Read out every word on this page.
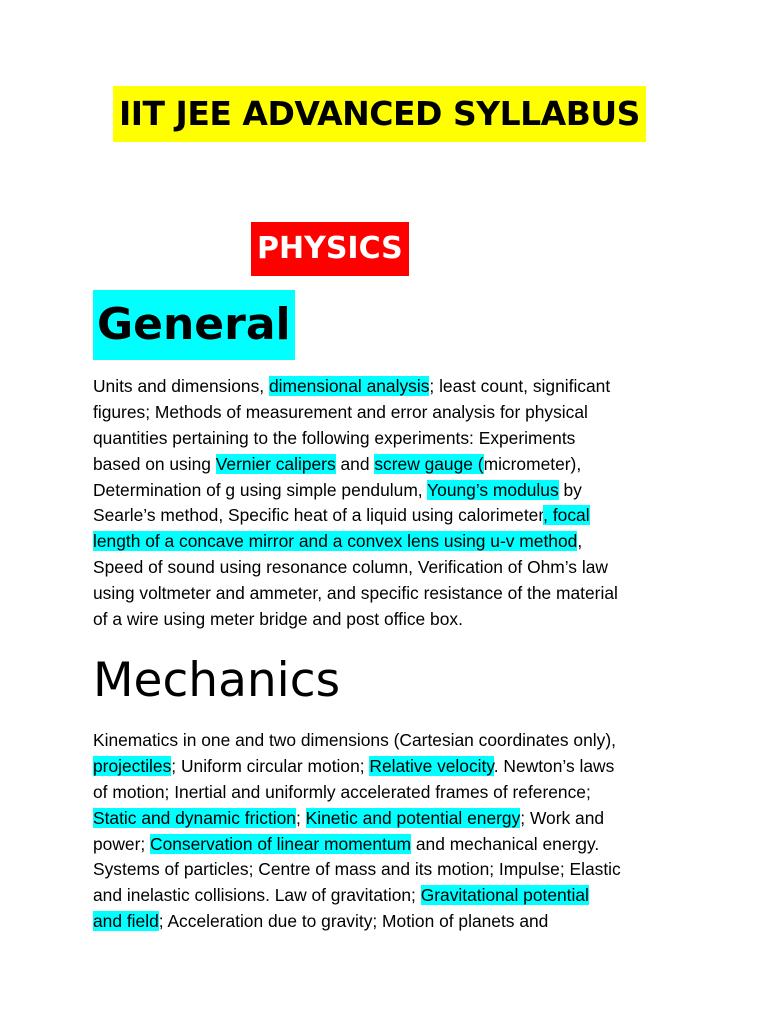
IIT JEE ADVANCED SYLLABUS
PHYSICS
General

Units and dimensions, dimensional analysis; least count, significant
figures; Methods of measurement and error analysis for physical
quantities pertaining to the following experiments: Experiments
based on using Vernier calipers and screw gauge (micrometer),
Determination of g using simple pendulum, Young’s modulus by
Searle’s method, Specific heat of a liquid using calorimeter, focal
length of a concave mirror and a convex lens using u-v method,
Speed of sound using resonance column, Verification of Ohm’s law
using voltmeter and ammeter, and specific resistance of the material
of a wire using meter bridge and post office box.

Mechanics

Kinematics in one and two dimensions (Cartesian coordinates only),
projectiles; Uniform circular motion; Relative velocity. Newton’s laws
of motion; Inertial and uniformly accelerated frames of reference;
Static and dynamic friction; Kinetic and potential energy; Work and
power; Conservation of linear momentum and mechanical energy.
Systems of particles; Centre of mass and its motion; Impulse; Elastic
and inelastic collisions. Law of gravitation; Gravitational potential
and field; Acceleration due to gravity; Motion of planets and
